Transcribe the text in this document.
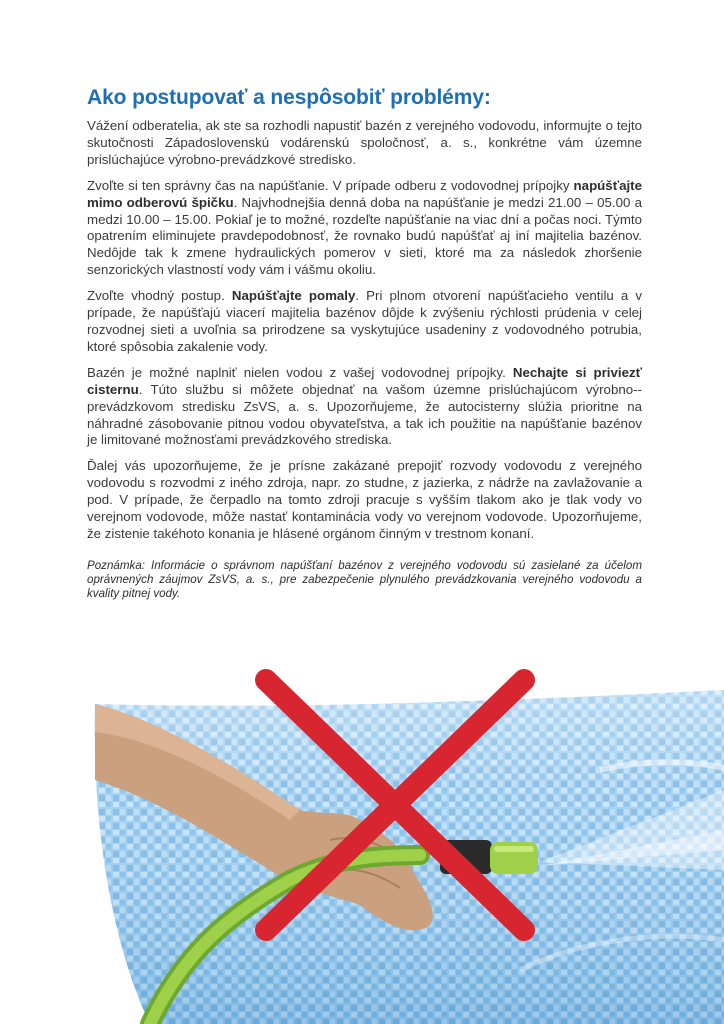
Ako postupovať a nespôsobiť problémy:

Vážení odberatelia, ak ste sa rozhodli napustiť bazén z verejného vodovodu, informujte o tejto skutočnosti Západoslovenskú vodárenskú spoločnosť, a. s., konkrétne vám územne prislúchajúce výrobno-prevádzkové stredisko.

Zvoľte si ten správny čas na napúšťanie. V prípade odberu z vodovodnej prípojky napúšťajte mimo odberovú špičku. Najvhodnejšia denná doba na napúšťanie je medzi 21.00 – 05.00 a medzi 10.00 – 15.00. Pokiaľ je to možné, rozdeľte napúšťanie na viac dní a počas noci. Týmto opatrením eliminujete pravdepodobnosť, že rovnako budú napúšťať aj iní majitelia bazénov. Nedôjde tak k zmene hydraulických pomerov v sieti, ktoré ma za následok zhoršenie senzorických vlastností vody vám i vášmu okoliu.

Zvoľte vhodný postup. Napúšťajte pomaly. Pri plnom otvorení napúšťacieho ventilu a v prípade, že napúšťajú viacerí majitelia bazénov dôjde k zvýšeniu rýchlosti prúdenia v celej rozvodnej sieti a uvoľnia sa prirodzene sa vyskytujúce usadeniny z vodovodného potrubia, ktoré spôsobia zakalenie vody.

Bazén je možné naplniť nielen vodou z vašej vodovodnej prípojky. Nechajte si priviezť cisternu. Túto službu si môžete objednať na vašom územne prislúchajúcom výrobno--prevádzkovom stredisku ZsVS, a. s. Upozorňujeme, že autocisterny slúžia prioritne na náhradné zásobovanie pitnou vodou obyvateľstva, a tak ich použitie na napúšťanie bazénov je limitované možnosťami prevádzkového strediska.

Ďalej vás upozorňujeme, že je prísne zakázané prepojiť rozvody vodovodu z verejného vodovodu s rozvodmi z iného zdroja, napr. zo studne, z jazierka, z nádrže na zavlažovanie a pod. V prípade, že čerpadlo na tomto zdroji pracuje s vyšším tlakom ako je tlak vody vo verejnom vodovode, môže nastať kontaminácia vody vo verejnom vodovode. Upozorňujeme, že zistenie takéhoto konania je hlásené orgánom činným v trestnom konaní.

Poznámka: Informácie o správnom napúšťaní bazénov z verejného vodovodu sú zasielané za účelom oprávnených záujmov ZsVS, a. s., pre zabezpečenie plynulého prevádzkovania verejného vodovodu a kvality pitnej vody.
